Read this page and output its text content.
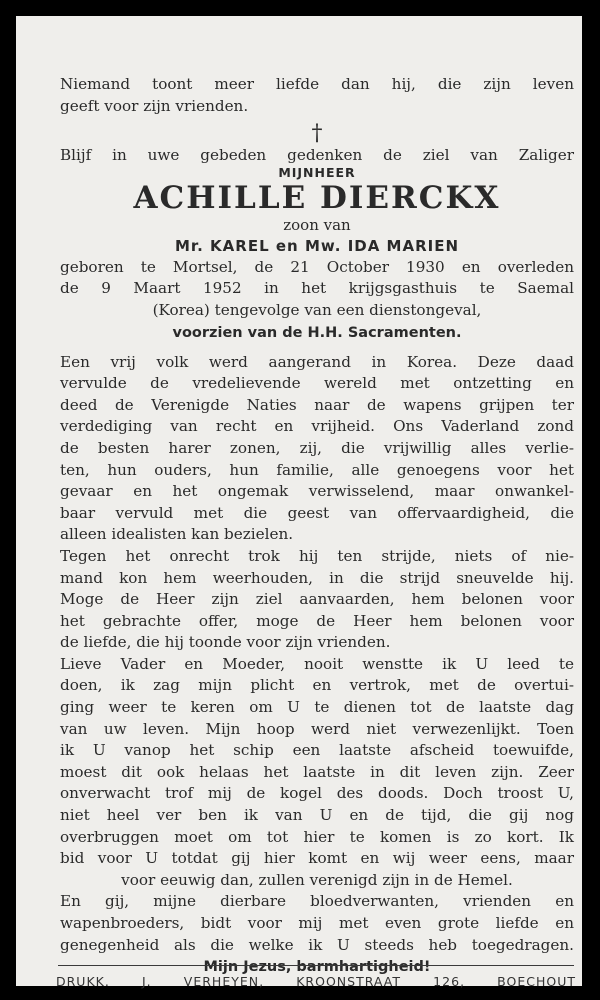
Niemand toont meer liefde dan hij, die zijn leven

geeft voor zijn vrienden.

†

Blijf in uwe gebeden gedenken de ziel van Zaliger

MIJNHEER
ACHILLE DIERCKX
zoon van
Mr. KAREL en Mw. IDA MARIEN

geboren te Mortsel, de 21 October 1930 en overleden

de 9 Maart 1952 in het krijgsgasthuis te Saemal

(Korea) tengevolge van een dienstongeval,

voorzien van de H.H. Sacramenten.

Een vrij volk werd aangerand in Korea. Deze daad

vervulde de vredelievende wereld met ontzetting en

deed de Verenigde Naties naar de wapens grijpen ter

verdediging van recht en vrijheid. Ons Vaderland zond

de besten harer zonen, zij, die vrijwillig alles verlie-

ten, hun ouders, hun familie, alle genoegens voor het

gevaar en het ongemak verwisselend, maar onwankel-

baar vervuld met die geest van offervaardigheid, die

alleen idealisten kan bezielen.

Tegen het onrecht trok hij ten strijde, niets of nie-

mand kon hem weerhouden, in die strijd sneuvelde hij.

Moge de Heer zijn ziel aanvaarden, hem belonen voor

het gebrachte offer, moge de Heer hem belonen voor

de liefde, die hij toonde voor zijn vrienden.

Lieve Vader en Moeder, nooit wenstte ik U leed te

doen, ik zag mijn plicht en vertrok, met de overtui-

ging weer te keren om U te dienen tot de laatste dag

van uw leven. Mijn hoop werd niet verwezenlijkt. Toen

ik U vanop het schip een laatste afscheid toewuifde,

moest dit ook helaas het laatste in dit leven zijn. Zeer

onverwacht trof mij de kogel des doods. Doch troost U,

niet heel ver ben ik van U en de tijd, die gij nog

overbruggen moet om tot hier te komen is zo kort. Ik

bid voor U totdat gij hier komt en wij weer eens, maar

voor eeuwig dan, zullen verenigd zijn in de Hemel.

En gij, mijne dierbare bloedverwanten, vrienden en

wapenbroeders, bidt voor mij met even grote liefde en

genegenheid als die welke ik U steeds heb toegedragen.

Mijn Jezus, barmhartigheid!
DRUKK. J. VERHEYEN, KROONSTRAAT 126, BOECHOUT
